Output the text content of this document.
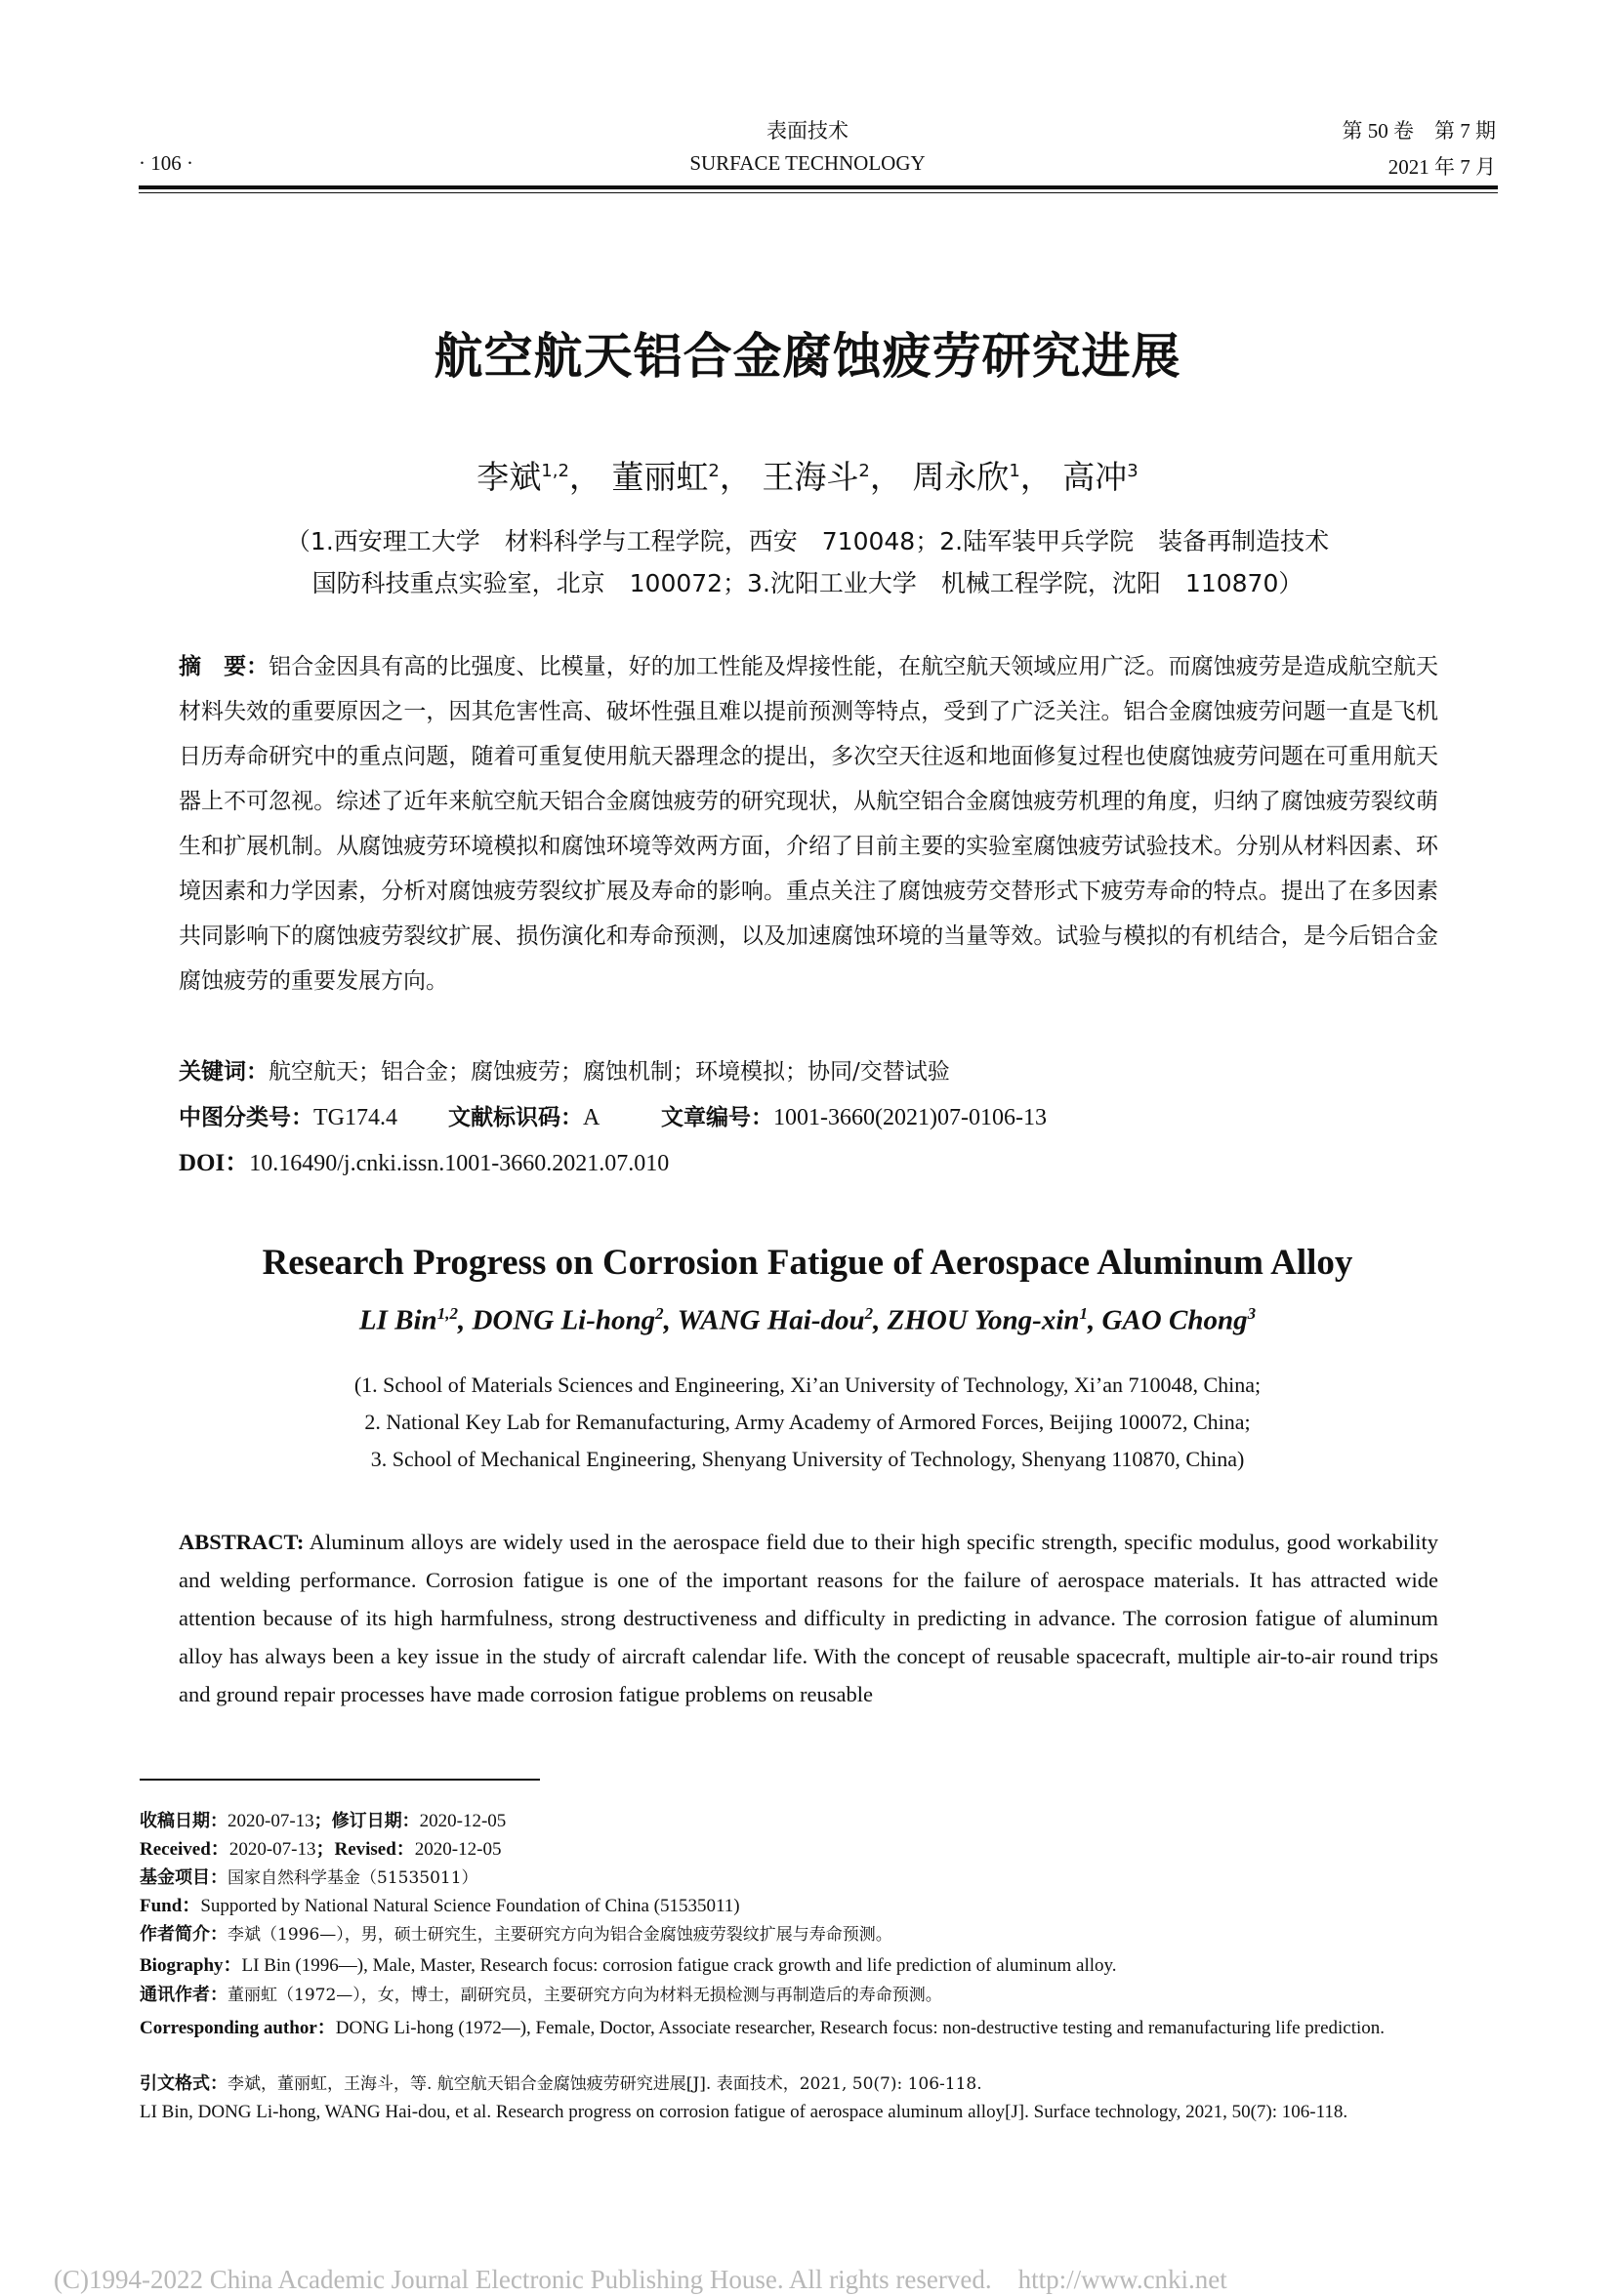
表面技术
SURFACE TECHNOLOGY
· 106 ·
第 50 卷　第 7 期
2021 年 7 月
航空航天铝合金腐蚀疲劳研究进展
李斌$^{1,2}$， 董丽虹$^2$， 王海斗$^2$， 周永欣$^1$， 高冲$^3$
（1.西安理工大学　材料科学与工程学院，西安　710048；2.陆军装甲兵学院　装备再制造技术
国防科技重点实验室，北京　100072；3.沈阳工业大学　机械工程学院，沈阳　110870）

摘　要：铝合金因具有高的比强度、比模量，好的加工性能及焊接性能，在航空航天领域应用广泛。而腐蚀疲劳是造成航空航天材料失效的重要原因之一，因其危害性高、破坏性强且难以提前预测等特点，受到了广泛关注。铝合金腐蚀疲劳问题一直是飞机日历寿命研究中的重点问题，随着可重复使用航天器理念的提出，多次空天往返和地面修复过程也使腐蚀疲劳问题在可重用航天器上不可忽视。综述了近年来航空航天铝合金腐蚀疲劳的研究现状，从航空铝合金腐蚀疲劳机理的角度，归纳了腐蚀疲劳裂纹萌生和扩展机制。从腐蚀疲劳环境模拟和腐蚀环境等效两方面，介绍了目前主要的实验室腐蚀疲劳试验技术。分别从材料因素、环境因素和力学因素，分析对腐蚀疲劳裂纹扩展及寿命的影响。重点关注了腐蚀疲劳交替形式下疲劳寿命的特点。提出了在多因素共同影响下的腐蚀疲劳裂纹扩展、损伤演化和寿命预测，以及加速腐蚀环境的当量等效。试验与模拟的有机结合，是今后铝合金腐蚀疲劳的重要发展方向。

关键词：航空航天；铝合金；腐蚀疲劳；腐蚀机制；环境模拟；协同/交替试验

中图分类号：TG174.4 文献标识码：A	文章编号：1001-3660(2021)07-0106-13
DOI：10.16490/j.cnki.issn.1001-3660.2021.07.010
Research Progress on Corrosion Fatigue of Aerospace Aluminum Alloy
LI Bin$^{1,2}$, DONG Li-hong$^2$, WANG Hai-dou$^2$, ZHOU Yong-xin$^1$, GAO Chong$^3$
(1. School of Materials Sciences and Engineering, Xi’an University of Technology, Xi’an 710048, China;
2. National Key Lab for Remanufacturing, Army Academy of Armored Forces, Beijing 100072, China;
3. School of Mechanical Engineering, Shenyang University of Technology, Shenyang 110870, China)

ABSTRACT: Aluminum alloys are widely used in the aerospace field due to their high specific strength, specific modulus, good workability and welding performance. Corrosion fatigue is one of the important reasons for the failure of aerospace materials. It has attracted wide attention because of its high harmfulness, strong destructiveness and difficulty in predicting in advance. The corrosion fatigue of aluminum alloy has always been a key issue in the study of aircraft calendar life. With the concept of reusable spacecraft, multiple air-to-air round trips and ground repair processes have made corrosion fatigue problems on reusable

收稿日期：2020-07-13；修订日期：2020-12-05
Received：2020-07-13；Revised：2020-12-05
基金项目：国家自然科学基金（51535011）
Fund：Supported by National Natural Science Foundation of China (51535011)
作者简介：李斌（1996—），男，硕士研究生，主要研究方向为铝合金腐蚀疲劳裂纹扩展与寿命预测。
Biography：LI Bin (1996—), Male, Master, Research focus: corrosion fatigue crack growth and life prediction of aluminum alloy.
通讯作者：董丽虹（1972—），女，博士，副研究员，主要研究方向为材料无损检测与再制造后的寿命预测。
Corresponding author：DONG Li-hong (1972—), Female, Doctor, Associate researcher, Research focus: non-destructive testing and remanufacturing life prediction.
引文格式：李斌，董丽虹，王海斗，等. 航空航天铝合金腐蚀疲劳研究进展[J]. 表面技术，2021, 50(7): 106-118.
LI Bin, DONG Li-hong, WANG Hai-dou, et al. Research progress on corrosion fatigue of aerospace aluminum alloy[J]. Surface technology, 2021, 50(7): 106-118.
(C)1994-2022 China Academic Journal Electronic Publishing House. All rights reserved.　http://www.cnki.net
